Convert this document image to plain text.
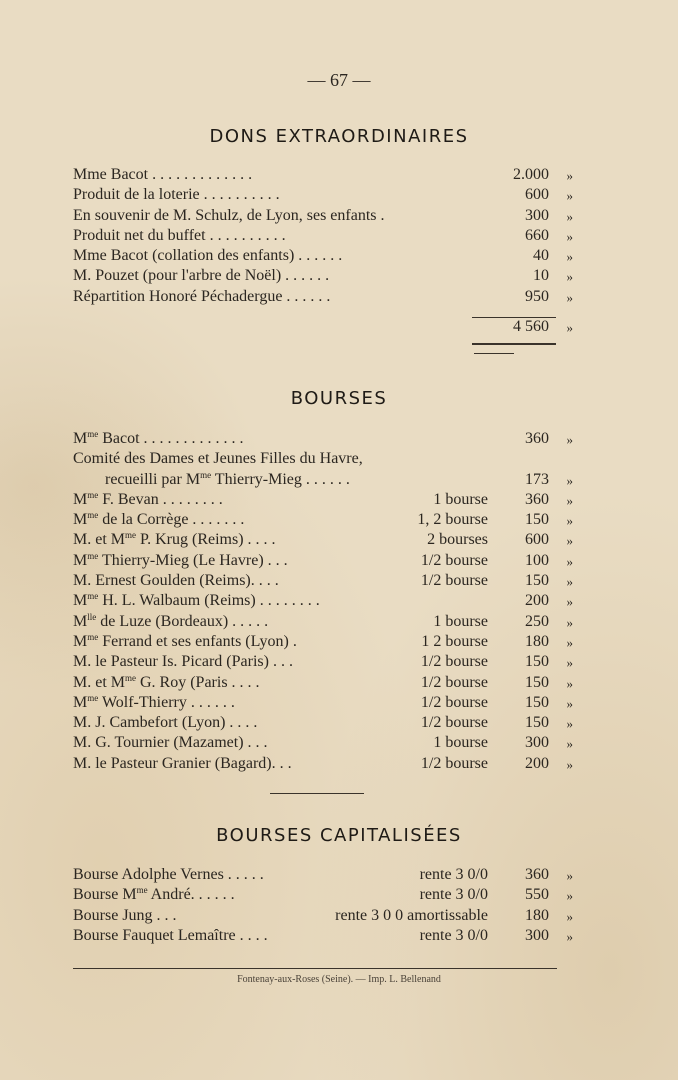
— 67 —
DONS EXTRAORDINAIRES
Mme Bacot . . . . . . . . . . . . .	2.000	»
Produit de la loterie . . . . . . . . . .	600	»
En souvenir de M. Schulz, de Lyon, ses enfants .	300	»
Produit net du buffet . . . . . . . . . .	660	»
Mme Bacot (collation des enfants) . . . . . .	40	»
M. Pouzet (pour l'arbre de Noël) . . . . . .	10	»
Répartition Honoré Péchadergue . . . . . .	950	»
4 560	»
BOURSES
$M^{me}$ Bacot . . . . . . . . . . . . .	360	»
Comité des Dames et Jeunes Filles du Havre,
recueilli par $M^{me}$ Thierry-Mieg . . . . . .	173	»
$M^{me}$ F. Bevan . . . . . . . .	1 bourse	360	»
$M^{me}$ de la Corrège . . . . . . .	1, 2 bourse	150	»
M. et $M^{me}$ P. Krug (Reims) . . . .	2 bourses	600	»
$M^{me}$ Thierry-Mieg (Le Havre) . . .	1/2 bourse	100	»
M. Ernest Goulden (Reims). . . .	1/2 bourse	150	»
$M^{me}$ H. L. Walbaum (Reims) . . . . . . . .	200	»
$M^{lle}$ de Luze (Bordeaux) . . . . .	1 bourse	250	»
$M^{me}$ Ferrand et ses enfants (Lyon) .	1 2 bourse	180	»
M. le Pasteur Is. Picard (Paris) . . .	1/2 bourse	150	»
M. et $M^{me}$ G. Roy (Paris . . . .	1/2 bourse	150	»
$M^{me}$ Wolf-Thierry . . . . . .	1/2 bourse	150	»
M. J. Cambefort (Lyon) . . . .	1/2 bourse	150	»
M. G. Tournier (Mazamet) . . .	1 bourse	300	»
M. le Pasteur Granier (Bagard). . .	1/2 bourse	200	»
BOURSES CAPITALISÉES
Bourse Adolphe Vernes . . . . .	rente 3 0/0	360	»
Bourse $M^{me}$ André. . . . . .	rente 3 0/0	550	»
Bourse Jung . . .	rente 3 0 0 amortissable	180	»
Bourse Fauquet Lemaître . . . .	rente 3 0/0	300	»
Fontenay-aux-Roses (Seine). — Imp. L. Bellenand
